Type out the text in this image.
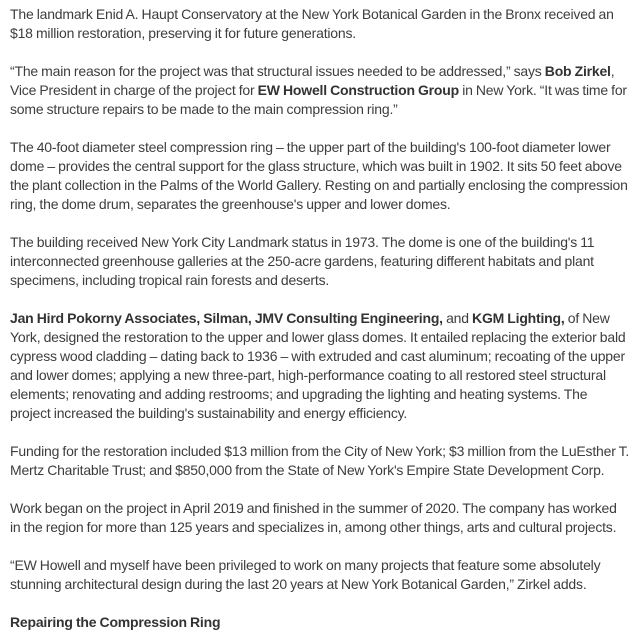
The landmark Enid A. Haupt Conservatory at the New York Botanical Garden in the Bronx received an $18 million restoration, preserving it for future generations.

“The main reason for the project was that structural issues needed to be addressed,” says Bob Zirkel, Vice President in charge of the project for EW Howell Construction Group in New York. “It was time for some structure repairs to be made to the main compression ring.”

The 40-foot diameter steel compression ring – the upper part of the building's 100-foot diameter lower dome – provides the central support for the glass structure, which was built in 1902. It sits 50 feet above the plant collection in the Palms of the World Gallery. Resting on and partially enclosing the compression ring, the dome drum, separates the greenhouse's upper and lower domes.

The building received New York City Landmark status in 1973. The dome is one of the building's 11 interconnected greenhouse galleries at the 250-acre gardens, featuring different habitats and plant specimens, including tropical rain forests and deserts.

Jan Hird Pokorny Associates, Silman, JMV Consulting Engineering, and KGM Lighting, of New York, designed the restoration to the upper and lower glass domes. It entailed replacing the exterior bald cypress wood cladding – dating back to 1936 – with extruded and cast aluminum; recoating of the upper and lower domes; applying a new three-part, high-performance coating to all restored steel structural elements; renovating and adding restrooms; and upgrading the lighting and heating systems. The project increased the building's sustainability and energy efficiency.

Funding for the restoration included $13 million from the City of New York; $3 million from the LuEsther T. Mertz Charitable Trust; and $850,000 from the State of New York's Empire State Development Corp.

Work began on the project in April 2019 and finished in the summer of 2020. The company has worked in the region for more than 125 years and specializes in, among other things, arts and cultural projects.

“EW Howell and myself have been privileged to work on many projects that feature some absolutely stunning architectural design during the last 20 years at New York Botanical Garden,” Zirkel adds.

Repairing the Compression Ring
